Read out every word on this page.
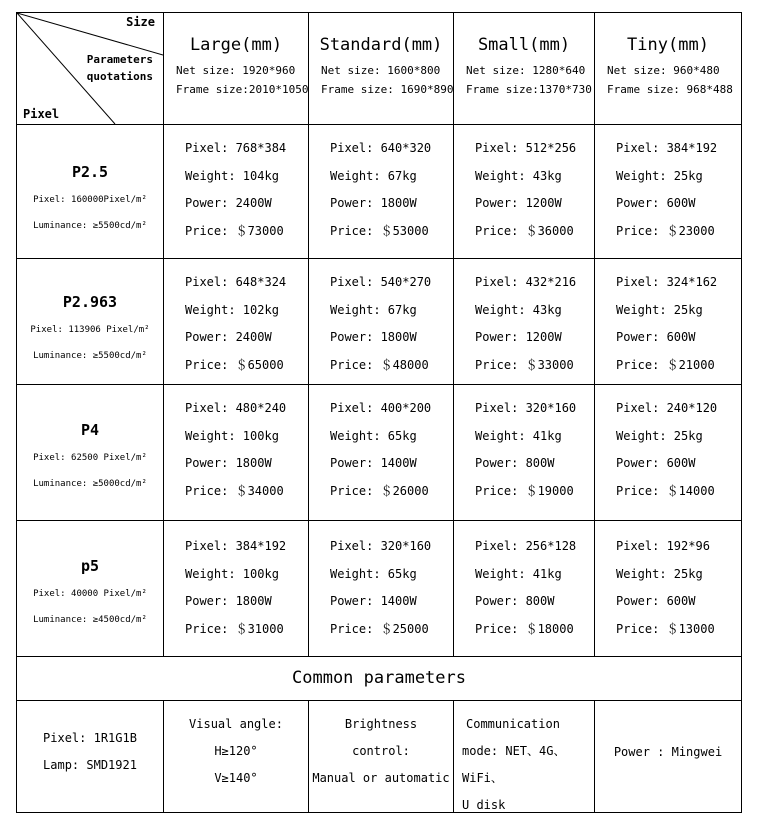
Size
Parameters
quotations
Pixel
Large(mm)
Net size: 1920*960
Frame size:2010*1050
Standard(mm)
Net size: 1600*800
Frame size: 1690*890
Small(mm)
Net size: 1280*640
Frame size:1370*730
Tiny(mm)
Net size: 960*480
Frame size: 968*488
P2.5
Pixel: 160000Pixel/m²
Luminance: ≥5500cd/m²
Pixel: 768*384
Weight: 104kg
Power: 2400W
Price: ＄73000
Pixel: 640*320
Weight: 67kg
Power: 1800W
Price: ＄53000
Pixel: 512*256
Weight: 43kg
Power: 1200W
Price: ＄36000
Pixel: 384*192
Weight: 25kg
Power: 600W
Price: ＄23000
P2.963
Pixel: 113906 Pixel/m²
Luminance: ≥5500cd/m²
Pixel: 648*324
Weight: 102kg
Power: 2400W
Price: ＄65000
Pixel: 540*270
Weight: 67kg
Power: 1800W
Price: ＄48000
Pixel: 432*216
Weight: 43kg
Power: 1200W
Price: ＄33000
Pixel: 324*162
Weight: 25kg
Power: 600W
Price: ＄21000
P4
Pixel: 62500 Pixel/m²
Luminance: ≥5000cd/m²
Pixel: 480*240
Weight: 100kg
Power: 1800W
Price: ＄34000
Pixel: 400*200
Weight: 65kg
Power: 1400W
Price: ＄26000
Pixel: 320*160
Weight: 41kg
Power: 800W
Price: ＄19000
Pixel: 240*120
Weight: 25kg
Power: 600W
Price: ＄14000
p5
Pixel: 40000 Pixel/m²
Luminance: ≥4500cd/m²
Pixel: 384*192
Weight: 100kg
Power: 1800W
Price: ＄31000
Pixel: 320*160
Weight: 65kg
Power: 1400W
Price: ＄25000
Pixel: 256*128
Weight: 41kg
Power: 800W
Price: ＄18000
Pixel: 192*96
Weight: 25kg
Power: 600W
Price: ＄13000
Common parameters
Pixel: 1R1G1B
Lamp: SMD1921
Visual angle:
H≥120°
V≥140°
Brightness
control:
Manual or automatic
Communication
mode: NET、4G、WiFi、
U disk
Power : Mingwei
